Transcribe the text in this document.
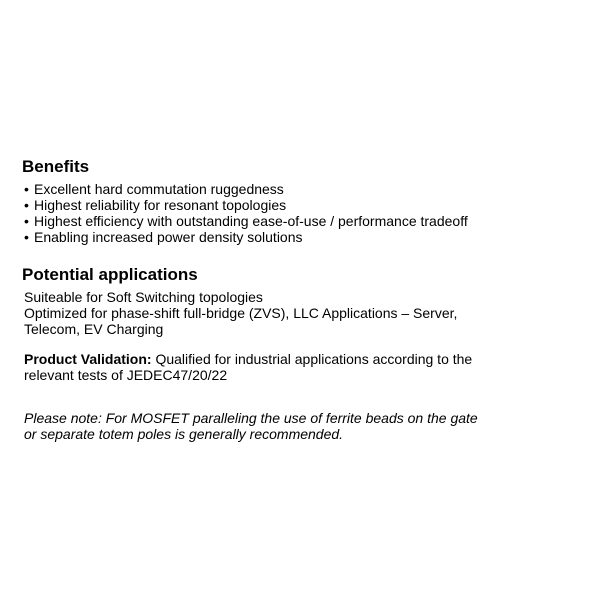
Benefits
• Excellent hard commutation ruggedness
• Highest reliability for resonant topologies
• Highest efficiency with outstanding ease-of-use / performance tradeoff
• Enabling increased power density solutions
Potential applications
Suiteable for Soft Switching topologies
Optimized for phase-shift full-bridge (ZVS), LLC Applications – Server,
Telecom, EV Charging
Product Validation: Qualified for industrial applications according to the
relevant tests of JEDEC47/20/22
Please note: For MOSFET paralleling the use of ferrite beads on the gate
or separate totem poles is generally recommended.
